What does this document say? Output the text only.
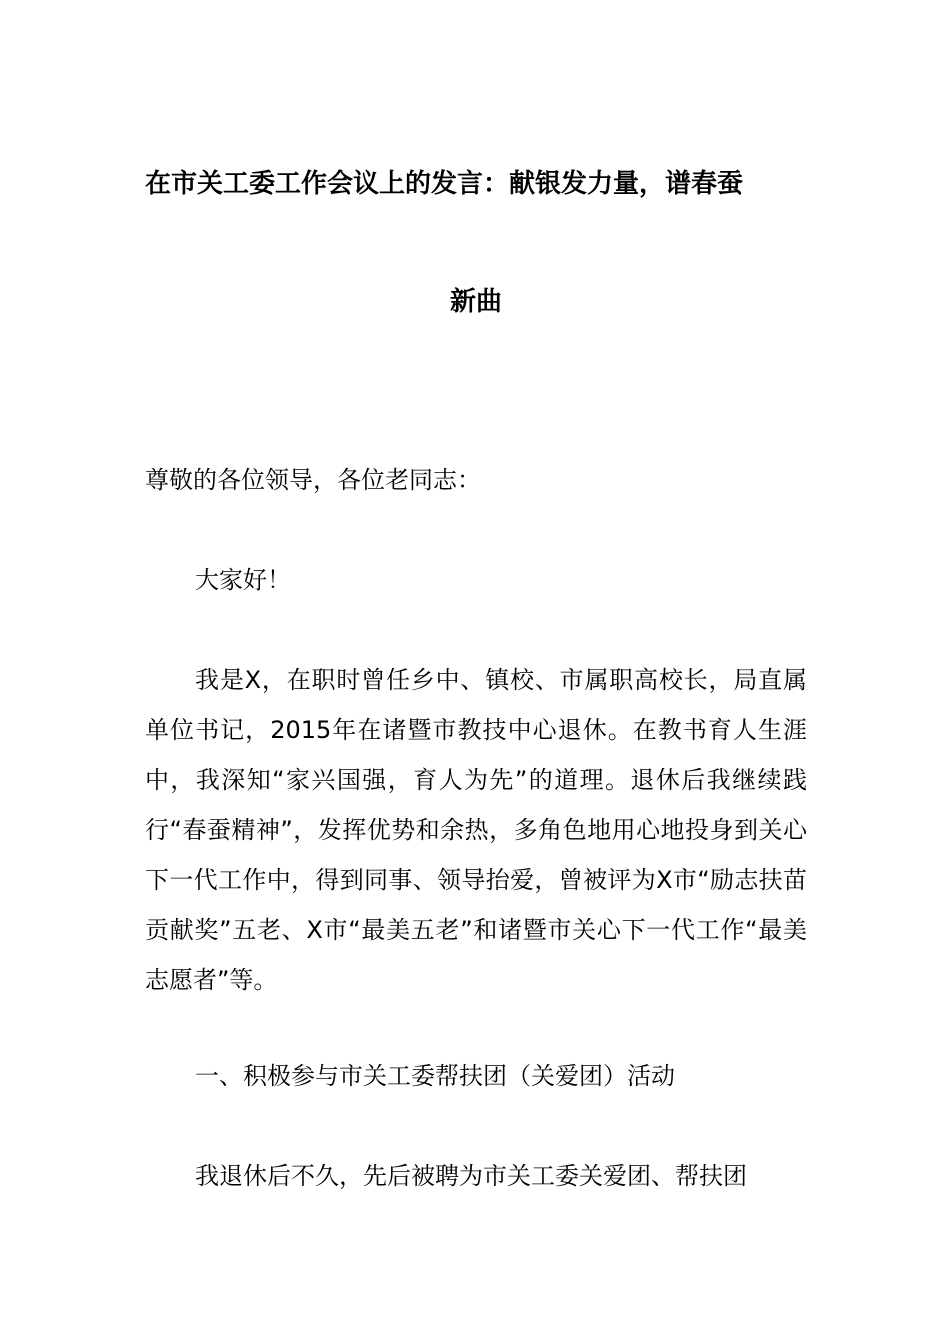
在市关工委工作会议上的发言：献银发力量，谱春蚕
新曲

尊敬的各位领导，各位老同志：

大家好！

我是X，在职时曾任乡中、镇校、市属职高校长，局直属单位书记，2015年在诸暨市教技中心退休。在教书育人生涯中，我深知“家兴国强，育人为先”的道理。退休后我继续践行“春蚕精神”，发挥优势和余热，多角色地用心地投身到关心下一代工作中，得到同事、领导抬爱，曾被评为X市“励志扶苗贡献奖”五老、X市“最美五老”和诸暨市关心下一代工作“最美志愿者”等。

一、积极参与市关工委帮扶团（关爱团）活动

我退休后不久，先后被聘为市关工委关爱团、帮扶团
